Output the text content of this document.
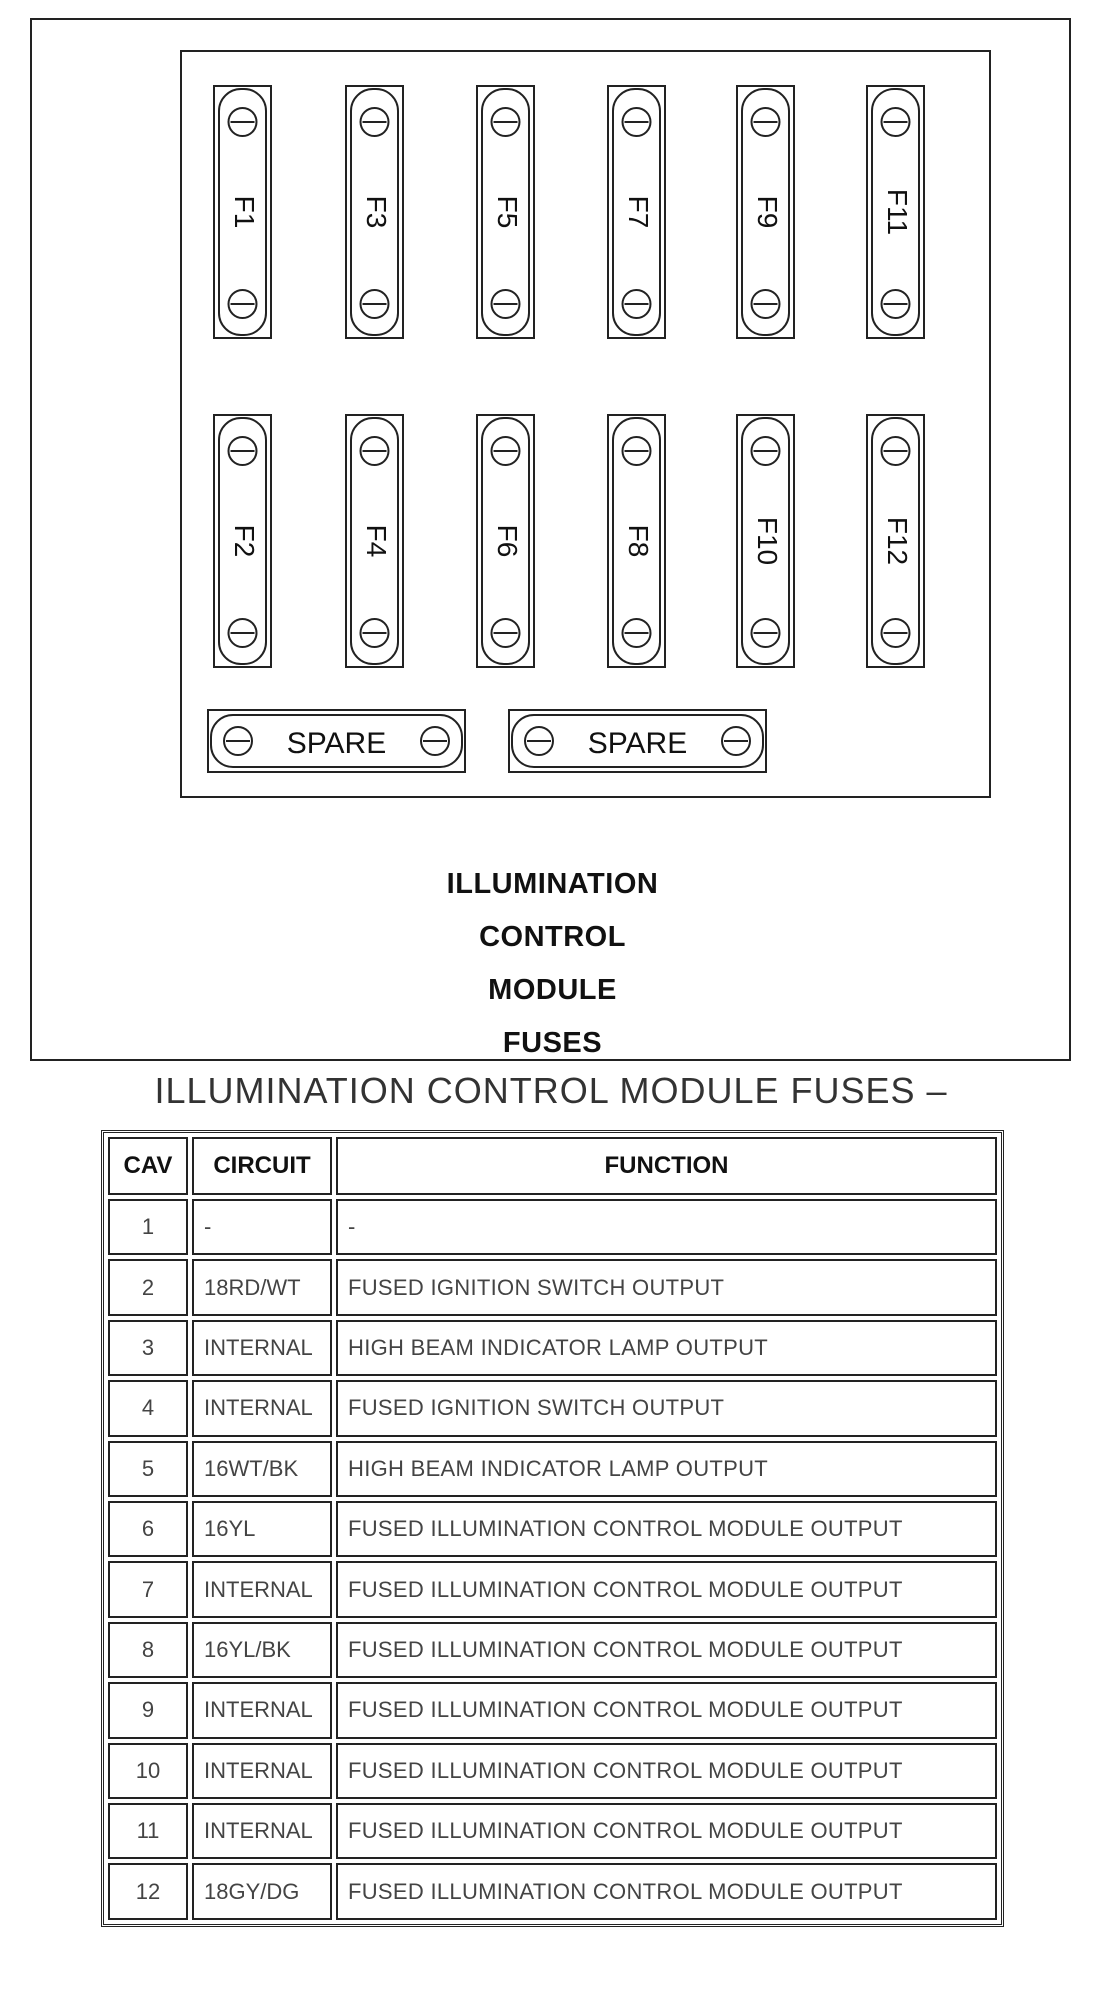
F1	F3	F5	F7	F9	F11
F2	F4	F6	F8	F10	F12
SPARE	SPARE
ILLUMINATION
CONTROL
MODULE
FUSES
ILLUMINATION CONTROL MODULE FUSES –
CAV	CIRCUIT	FUNCTION
1	-	-
2	18RD/WT	FUSED IGNITION SWITCH OUTPUT
3	INTERNAL	HIGH BEAM INDICATOR LAMP OUTPUT
4	INTERNAL	FUSED IGNITION SWITCH OUTPUT
5	16WT/BK	HIGH BEAM INDICATOR LAMP OUTPUT
6	16YL	FUSED ILLUMINATION CONTROL MODULE OUTPUT
7	INTERNAL	FUSED ILLUMINATION CONTROL MODULE OUTPUT
8	16YL/BK	FUSED ILLUMINATION CONTROL MODULE OUTPUT
9	INTERNAL	FUSED ILLUMINATION CONTROL MODULE OUTPUT
10	INTERNAL	FUSED ILLUMINATION CONTROL MODULE OUTPUT
11	INTERNAL	FUSED ILLUMINATION CONTROL MODULE OUTPUT
12	18GY/DG	FUSED ILLUMINATION CONTROL MODULE OUTPUT
